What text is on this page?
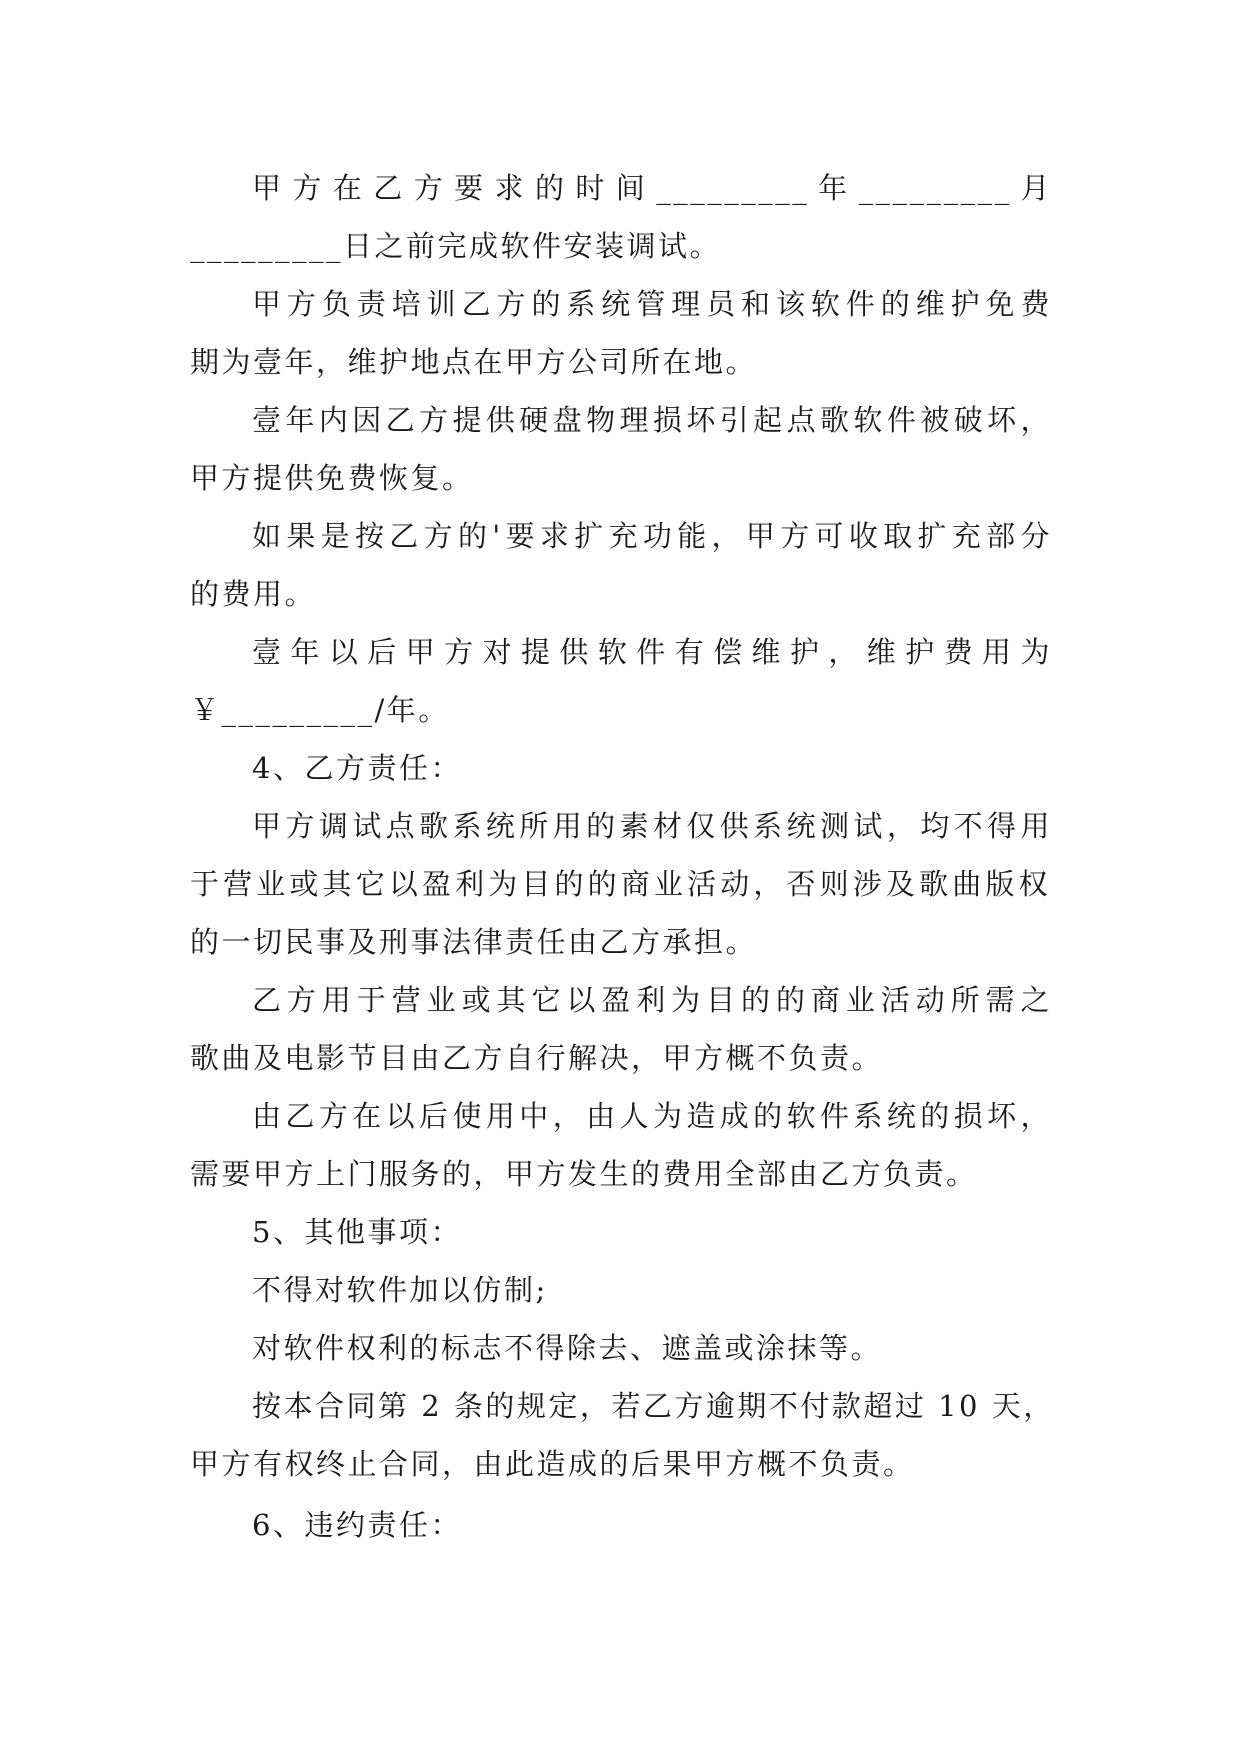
甲方在乙方要求的时间_________年_________月

_________日之前完成软件安装调试。

甲方负责培训乙方的系统管理员和该软件的维护免费

期为壹年，维护地点在甲方公司所在地。

壹年内因乙方提供硬盘物理损坏引起点歌软件被破坏，

甲方提供免费恢复。

如果是按乙方的'要求扩充功能，甲方可收取扩充部分

的费用。

壹年以后甲方对提供软件有偿维护，维护费用为

￥_________/年。

4、乙方责任：

甲方调试点歌系统所用的素材仅供系统测试，均不得用

于营业或其它以盈利为目的的商业活动，否则涉及歌曲版权

的一切民事及刑事法律责任由乙方承担。

乙方用于营业或其它以盈利为目的的商业活动所需之

歌曲及电影节目由乙方自行解决，甲方概不负责。

由乙方在以后使用中，由人为造成的软件系统的损坏，

需要甲方上门服务的，甲方发生的费用全部由乙方负责。

5、其他事项：

不得对软件加以仿制;

对软件权利的标志不得除去、遮盖或涂抹等。

按本合同第 2 条的规定，若乙方逾期不付款超过 10 天，

甲方有权终止合同，由此造成的后果甲方概不负责。

6、违约责任：
